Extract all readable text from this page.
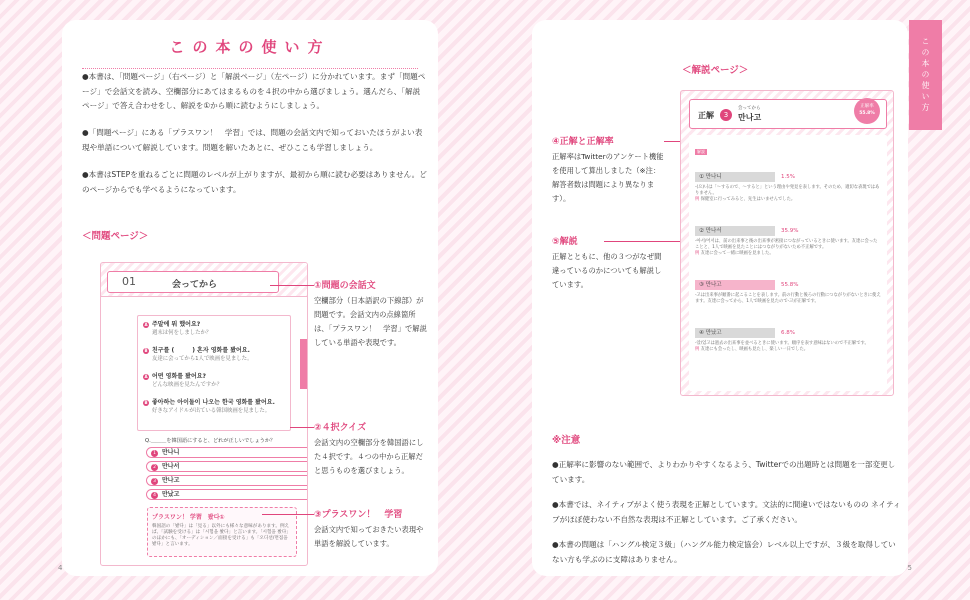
この本の使い方

●本書は、「問題ページ」（右ページ）と「解説ページ」（左ページ）に分かれています。まず「問題ページ」で会話文を読み、空欄部分にあてはまるものを４択の中から選びましょう。選んだら、「解説ページ」で答え合わせをし、解説を①から順に読むようにしましょう。

●「問題ページ」にある「プラスワン！　学習」では、問題の会話文内で知っておいたほうがよい表現や単語について解説しています。問題を解いたあとに、ぜひここも学習しましょう。

●本書はSTEPを重ねるごとに問題のレベルが上がりますが、最初から順に読む必要はありません。どのページからでも学べるようになっています。

＜問題ページ＞
01	会ってから
A 주말에 뭐 했어요?
週末は何をしましたか？
B 친구를 (　　　) 혼자 영화를 봤어요.
友達に会ってから1人で映画を見ました。
A 어떤 영화를 봤어요?
どんな映画を見たんですか？
B 좋아하는 아이돌이 나오는 한국 영화를 봤어요.
好きなアイドルが出ている韓国映画を見ました。
Q.＿＿＿を韓国語にすると、どれが正しいでしょうか？
1 만나니
2 만나서
3 만나고
4 만났고
プラスワン！ 学習　봤다①
韓国語の「봤다」は「見る」以外にも様々な意味があります。例えば、「試験を受ける」は「시험을 봤다」と言います。「시험을 봤다」のほかにも、「オーディション／面接を受ける」も「오디션/면접을 봤다」と言います。
①問題の会話文
空欄部分（日本語訳の下線部）が問題です。会話文内の点線箇所は、「プラスワン！　学習」で解説している単語や表現です。
②４択クイズ
会話文内の空欄部分を韓国語にした４択です。４つの中から正解だと思うものを選びましょう。
③プラスワン！　学習
会話文内で知っておきたい表現や単語を解説しています。
4
＜解説ページ＞
④正解と正解率
正解率はTwitterのアンケート機能を使用して算出しました（※注：解答者数は問題により異なります）。
⑤解説
正解とともに、他の３つがなぜ間違っているのかについても解説しています。
正解	3
会ってから
만나고
正解率
55.8%
解説
① 만나니	1.5%
-(으)니は「～するので、～すると」という理由や発見を表します。そのため、適切な表現ではありません。
例 保健室に行ってみると、先生はいませんでした。
② 만나서	35.9%
-아서/어서は、前の出来事と後の出来事が密接につながっているときに使います。友達に会ったことと、1人で映画を見たことにはつながりがないため不正解です。
例 友達に会って一緒に映画を見ました。
③ 만나고	55.8%
-고は出来事が順番に起こることを表します。前の行動と後ろの行動につながりがないときに使えます。友達に会ってから、1人で映画を見たので-고が正解です。
④ 만났고	6.8%
-았/었고は過去の出来事を並べるときに使います。順序を表す意味はないので不正解です。
例 友達にも会ったし、映画も見たし、楽しい一日でした。
※注意

●正解率に影響のない範囲で、よりわかりやすくなるよう、Twitterでの出題時とは問題を一部変更しています。

●本書では、ネイティブがよく使う表現を正解としています。文法的に間違いではないものの ネイティブがほぼ使わない不自然な表現は不正解としています。ご了承ください。

●本書の問題は「ハングル検定３級」（ハングル能力検定協会）レベル以上ですが、３級を取得していない方も学ぶのに支障はありません。

5
この本の使い方
